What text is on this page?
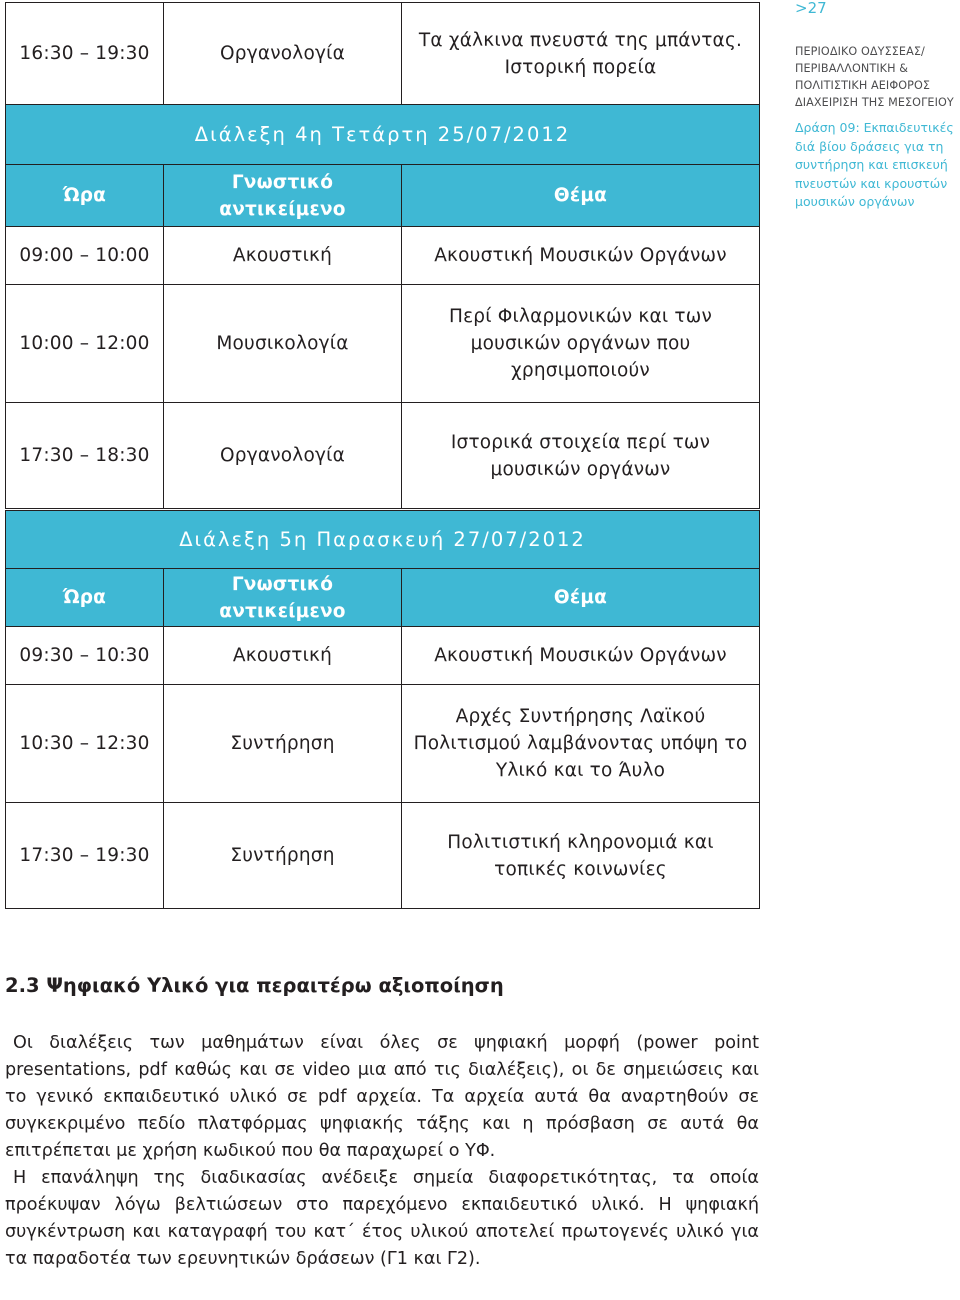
>27
ΠΕΡΙΟΔΙΚΟ ΟΔΥΣΣΕΑΣ/ ΠΕΡΙΒΑΛΛΟΝΤΙΚΗ & ΠΟΛΙΤΙΣΤΙΚΗ ΑΕΙΦΟΡΟΣ ΔΙΑΧΕΙΡΙΣΗ ΤΗΣ ΜΕΣΟΓΕΙΟΥ
Δράση 09: Εκπαιδευτικές διά βίου δράσεις για τη συντήρηση και επισκευή πνευστών και κρουστών μουσικών οργάνων
16:30 – 19:30	Οργανολογία	Τα χάλκινα πνευστά της μπάντας. Ιστορική πορεία
Διάλεξη 4η Τετάρτη 25/07/2012		
Ώρα	Γνωστικό αντικείμενο	Θέμα
09:00 – 10:00	Ακουστική	Ακουστική Μουσικών Οργάνων
10:00 – 12:00	Μουσικολογία	Περί Φιλαρμονικών και των μουσικών οργάνων που χρησιμοποιούν
17:30 – 18:30	Οργανολογία	Ιστορικά στοιχεία περί των μουσικών οργάνων
Διάλεξη 5η Παρασκευή 27/07/2012		
Ώρα	Γνωστικό αντικείμενο	Θέμα
09:30 – 10:30	Ακουστική	Ακουστική Μουσικών Οργάνων
10:30 – 12:30	Συντήρηση	Αρχές Συντήρησης Λαϊκού Πολιτισμού λαμβάνοντας υπόψη το Υλικό και το Άυλο
17:30 – 19:30	Συντήρηση	Πολιτιστική κληρονομιά και τοπικές κοινωνίες
2.3 Ψηφιακό Υλικό για περαιτέρω αξιοποίηση

Οι διαλέξεις των μαθημάτων είναι όλες σε ψηφιακή μορφή (power point presentations, pdf καθώς και σε video μια από τις διαλέξεις), οι δε σημειώσεις και το γενικό εκπαιδευτικό υλικό σε pdf αρχεία. Τα αρχεία αυτά θα αναρτηθούν σε συγκεκριμένο πεδίο πλατφόρμας ψηφιακής τάξης και η πρόσβαση σε αυτά θα επιτρέπεται με χρήση κωδικού που θα παραχωρεί ο ΥΦ.

Η επανάληψη της διαδικασίας ανέδειξε σημεία διαφορετικότητας, τα οποία προέκυψαν λόγω βελτιώσεων στο παρεχόμενο εκπαιδευτικό υλικό. Η ψηφιακή συγκέντρωση και καταγραφή του κατ΄ έτος υλικού αποτελεί πρωτογενές υλικό για τα παραδοτέα των ερευνητικών δράσεων (Γ1 και Γ2).
